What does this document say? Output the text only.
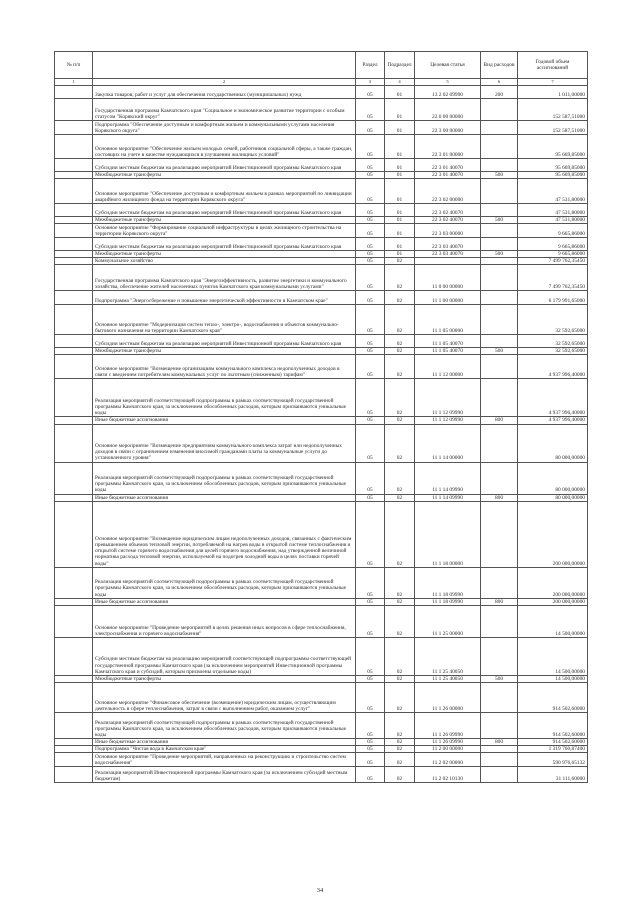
№ п/п		Раздел	Подраздел	Целевая статья	Вид расходов	Годовой объем ассигнований
1	2	3	4	5	6	7
	Закупка товаров, работ и услуг для обеспечения государственных (муниципальных) нужд	05	01	13 2 02 09990	200	1 011,00000
	Государственная программа Камчатского края "Социальное и экономическое развитие территории с особым статусом "Корякский округ"	05	01	22 0 00 00000		152 587,51000
	Подпрограмма "Обеспечение доступным и комфортным жильем и коммунальными услугами населения Корякского округа"	05	01	22 3 00 00000		152 587,51000
	Основное мероприятие "Обеспечение жильем молодых семей, работников социальной сферы, а также граждан, состоящих на учете в качестве нуждающихся в улучшении жилищных условий"	05	01	22 3 01 00000		95 669,85000
	Субсидии местным бюджетам на реализацию мероприятий Инвестиционной программы Камчатского края	05	01	22 3 01 40070		95 669,85000
	Межбюджетные трансферты	05	01	22 3 01 40070	500	95 669,85000
	Основное мероприятие "Обеспечение доступным и комфортным жильем в рамках мероприятий по ликвидации аварийного жилищного фонда на территории Корякского округа"	05	01	22 3 02 00000		47 531,80000
	Субсидии местным бюджетам на реализацию мероприятий Инвестиционной программы Камчатского края	05	01	22 3 02 40070		47 531,80000
	Межбюджетные трансферты	05	01	22 3 02 40070	500	47 531,80000
	Основное мероприятие "Формирование социальной инфраструктуры в целях жилищного строительства на территории Корякского округа"	05	01	22 3 03 00000		9 665,86000
	Субсидии местным бюджетам на реализацию мероприятий Инвестиционной программы Камчатского края	05	01	22 3 03 40070		9 665,86000
	Межбюджетные трансферты	05	01	22 3 03 40070	500	9 665,86000
	Коммунальное хозяйство	05	02			7 499 762,35450
	Государственная программа Камчатского края "Энергоэффективность, развитие энергетики и коммунального хозяйства, обеспечение жителей населенных пунктов Камчатского края коммунальными услугами"	05	02	11 0 00 00000		7 499 762,35450
	Подпрограмма "Энергосбережение и повышение энергетической эффективности в Камчатском крае"	05	02	11 1 00 00000		6 179 991,65000
	Основное мероприятие "Модернизация систем тепло-, электро-, водоснабжения и объектов коммунально-бытового назначения на территории Камчатского края"	05	02	11 1 05 00000		32 592,65000
	Субсидии местным бюджетам на реализацию мероприятий Инвестиционной программы Камчатского края	05	02	11 1 05 40070		32 592,65000
	Межбюджетные трансферты	05	02	11 1 05 40070	500	32 592,65000
	Основное мероприятие "Возмещение организациям коммунального комплекса недополученных доходов в связи с введением потребителям коммунальных услуг по льготным (сниженным) тарифам"	05	02	11 1 12 00000		4 937 996,40000
	Реализация мероприятий соответствующей подпрограммы в рамках соответствующей государственной программы Камчатского края, за исключением обособленных расходов, которым присваиваются уникальные коды	05	02	11 1 12 09990		4 937 996,40000
	Иные бюджетные ассигнования	05	02	11 1 12 09990	800	4 937 996,40000
	Основное мероприятие "Возмещение предприятиям коммунального комплекса затрат или недополученных доходов в связи с ограничением изменения вносимой гражданами платы за коммунальные услуги до установленного уровня"	05	02	11 1 14 00000		80 000,00000
	Реализация мероприятий соответствующей подпрограммы в рамках соответствующей государственной программы Камчатского края, за исключением обособленных расходов, которым присваиваются уникальные коды	05	02	11 1 14 09990		80 000,00000
	Иные бюджетные ассигнования	05	02	11 1 14 09990	800	80 000,00000
	Основное мероприятие "Возмещение юридическим лицам недополученных доходов, связанных с фактическим превышением объемов тепловой энергии, потребляемой на нагрев воды в открытой системе теплоснабжения и открытой системе горячего водоснабжения для целей горячего водоснабжения, над утвержденной величиной норматива расхода тепловой энергии, используемой на подогрев холодной воды в целях поставки горячей воды"	05	02	11 1 18 00000		200 000,00000
	Реализация мероприятий соответствующей подпрограммы в рамках соответствующей государственной программы Камчатского края, за исключением обособленных расходов, которым присваиваются уникальные коды	05	02	11 1 18 09990		200 000,00000
	Иные бюджетные ассигнования	05	02	11 1 18 09990	800	200 000,00000
	Основное мероприятие "Проведение мероприятий в целях решения иных вопросов в сфере теплоснабжения, электроснабжения и горячего водоснабжения"	05	02	11 1 25 00000		14 500,00000
	Субсидии местным бюджетам на реализацию мероприятий соответствующей подпрограммы соответствующей государственной программы Камчатского края (за исключением мероприятий Инвестиционной программы Камчатского края и субсидий, которым присвоены отдельные коды)	05	02	11 1 25 40050		14 500,00000
	Межбюджетные трансферты	05	02	11 1 25 40050	500	14 500,00000
	Основное мероприятие "Финансовое обеспечение (возмещение) юридическим лицам, осуществляющим деятельность в сфере теплоснабжения, затрат в связи с выполнением работ, оказанием услуг"	05	02	11 1 26 00000		914 502,60000
	Реализация мероприятий соответствующей подпрограммы в рамках соответствующей государственной программы Камчатского края, за исключением обособленных расходов, которым присваиваются уникальные коды	05	02	11 1 26 09990		914 502,60000
	Иные бюджетные ассигнования	05	02	11 1 26 09990	800	914 502,60000
	Подпрограмма "Чистая вода в Камчатском крае"	05	02	11 2 00 00000		1 319 760,87400
	Основное мероприятие "Проведение мероприятий, направленных на реконструкцию и строительство систем водоснабжения"	05	02	11 2 02 00000		590 976,65132
	Реализация мероприятий Инвестиционной программы Камчатского края (за исключением субсидий местным бюджетам)	05	02	11 2 02 10130		31 111,60000
34
